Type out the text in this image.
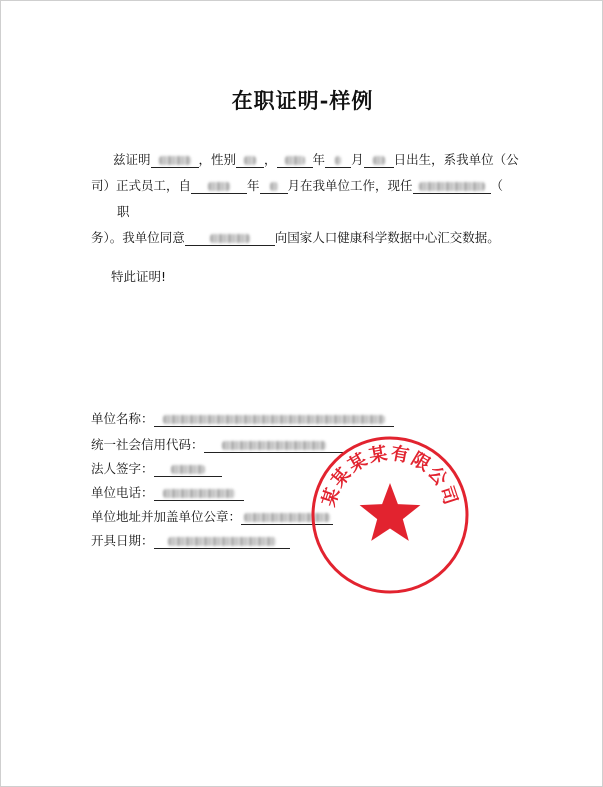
在职证明-样例
兹证明	，性别 ，	年 月 日出生，系我单位（公
司）正式员工，自	年 月在我单位工作，现任	（职
务）。我单位同意	向国家人口健康科学数据中心汇交数据。
特此证明!
单位名称：
统一社会信用代码：
法人签字：
单位电话：
单位地址并加盖单位公章：
开具日期：
某某某某有限公司
